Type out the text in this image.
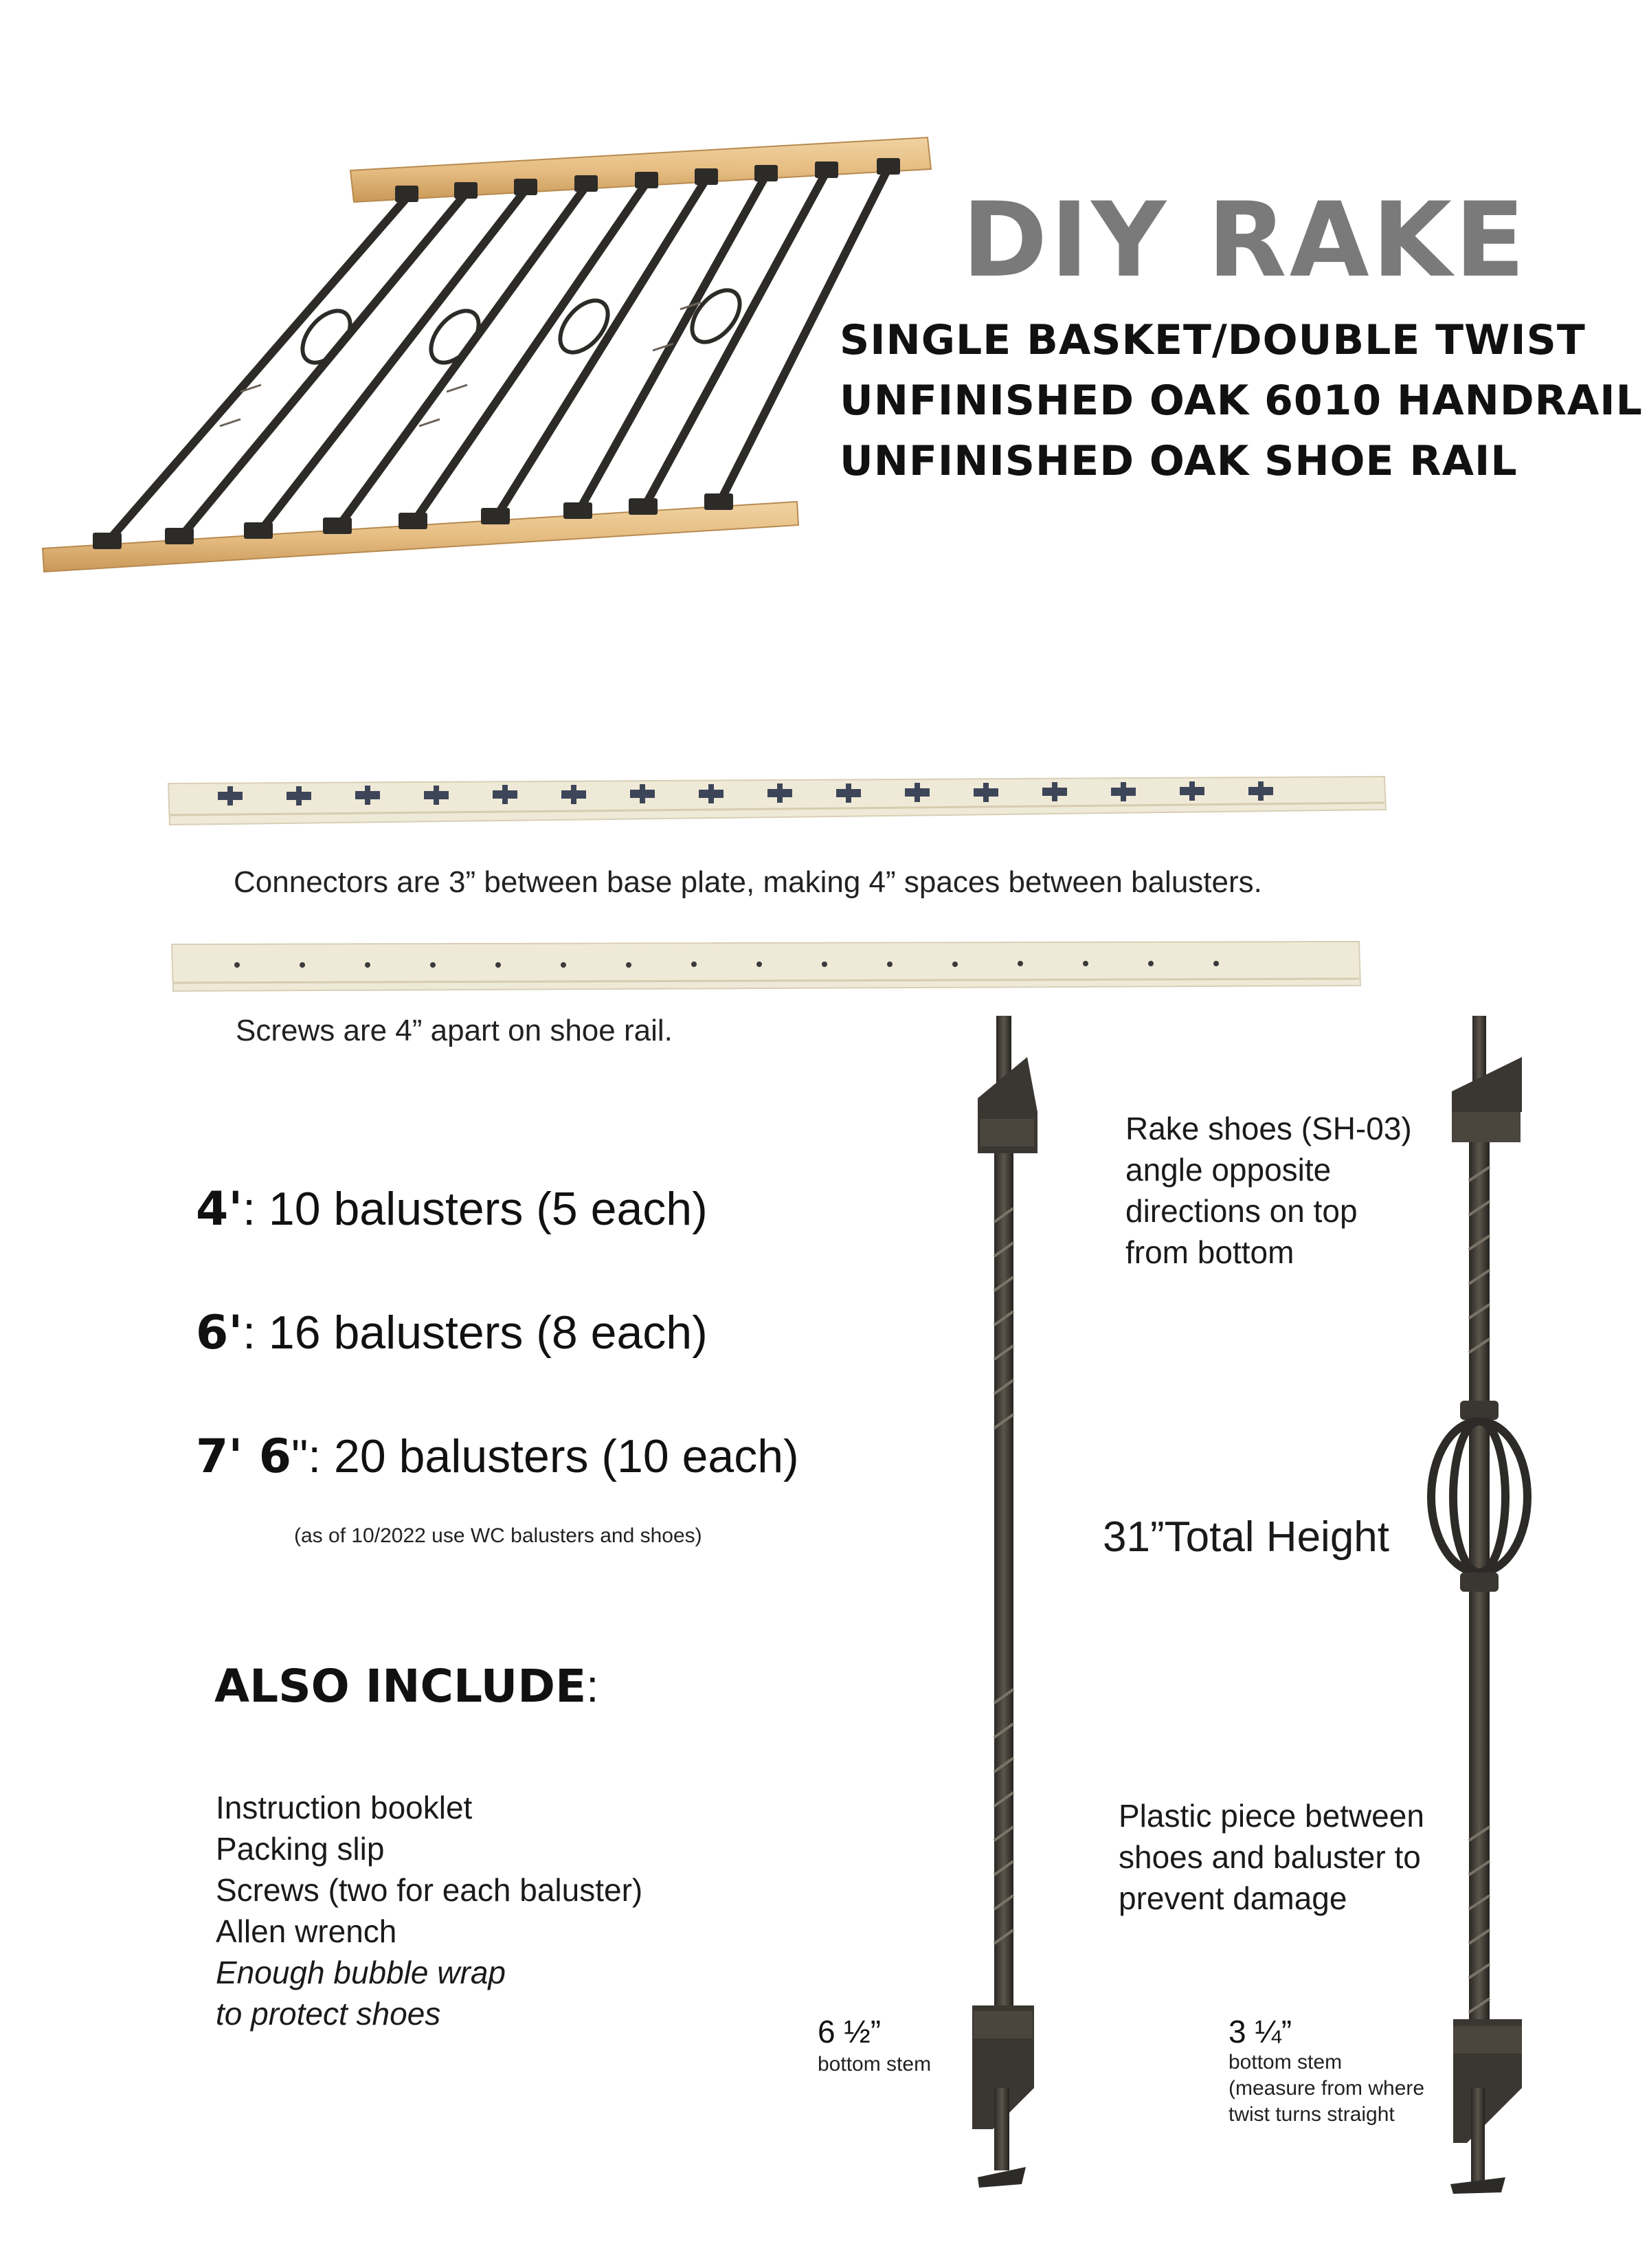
DIY RAKE
SINGLE BASKET/DOUBLE TWIST
UNFINISHED OAK 6010 HANDRAIL
UNFINISHED OAK SHOE RAIL
Connectors are 3” between base plate, making 4” spaces between balusters.
Screws are 4” apart on shoe rail.
4': 10 balusters (5 each)
6': 16 balusters (8 each)
7' 6": 20 balusters (10 each)
(as of 10/2022 use WC balusters and shoes)
ALSO INCLUDE:
Instruction booklet
Packing slip
Screws (two for each baluster)
Allen wrench
Enough bubble wrap
to protect shoes
Rake shoes (SH-03)
angle opposite
directions on top
from bottom
31”Total Height
Plastic piece between
shoes and baluster to
prevent damage
6 ½”
bottom stem
3 ¼”
bottom stem
(measure from where
twist turns straight
